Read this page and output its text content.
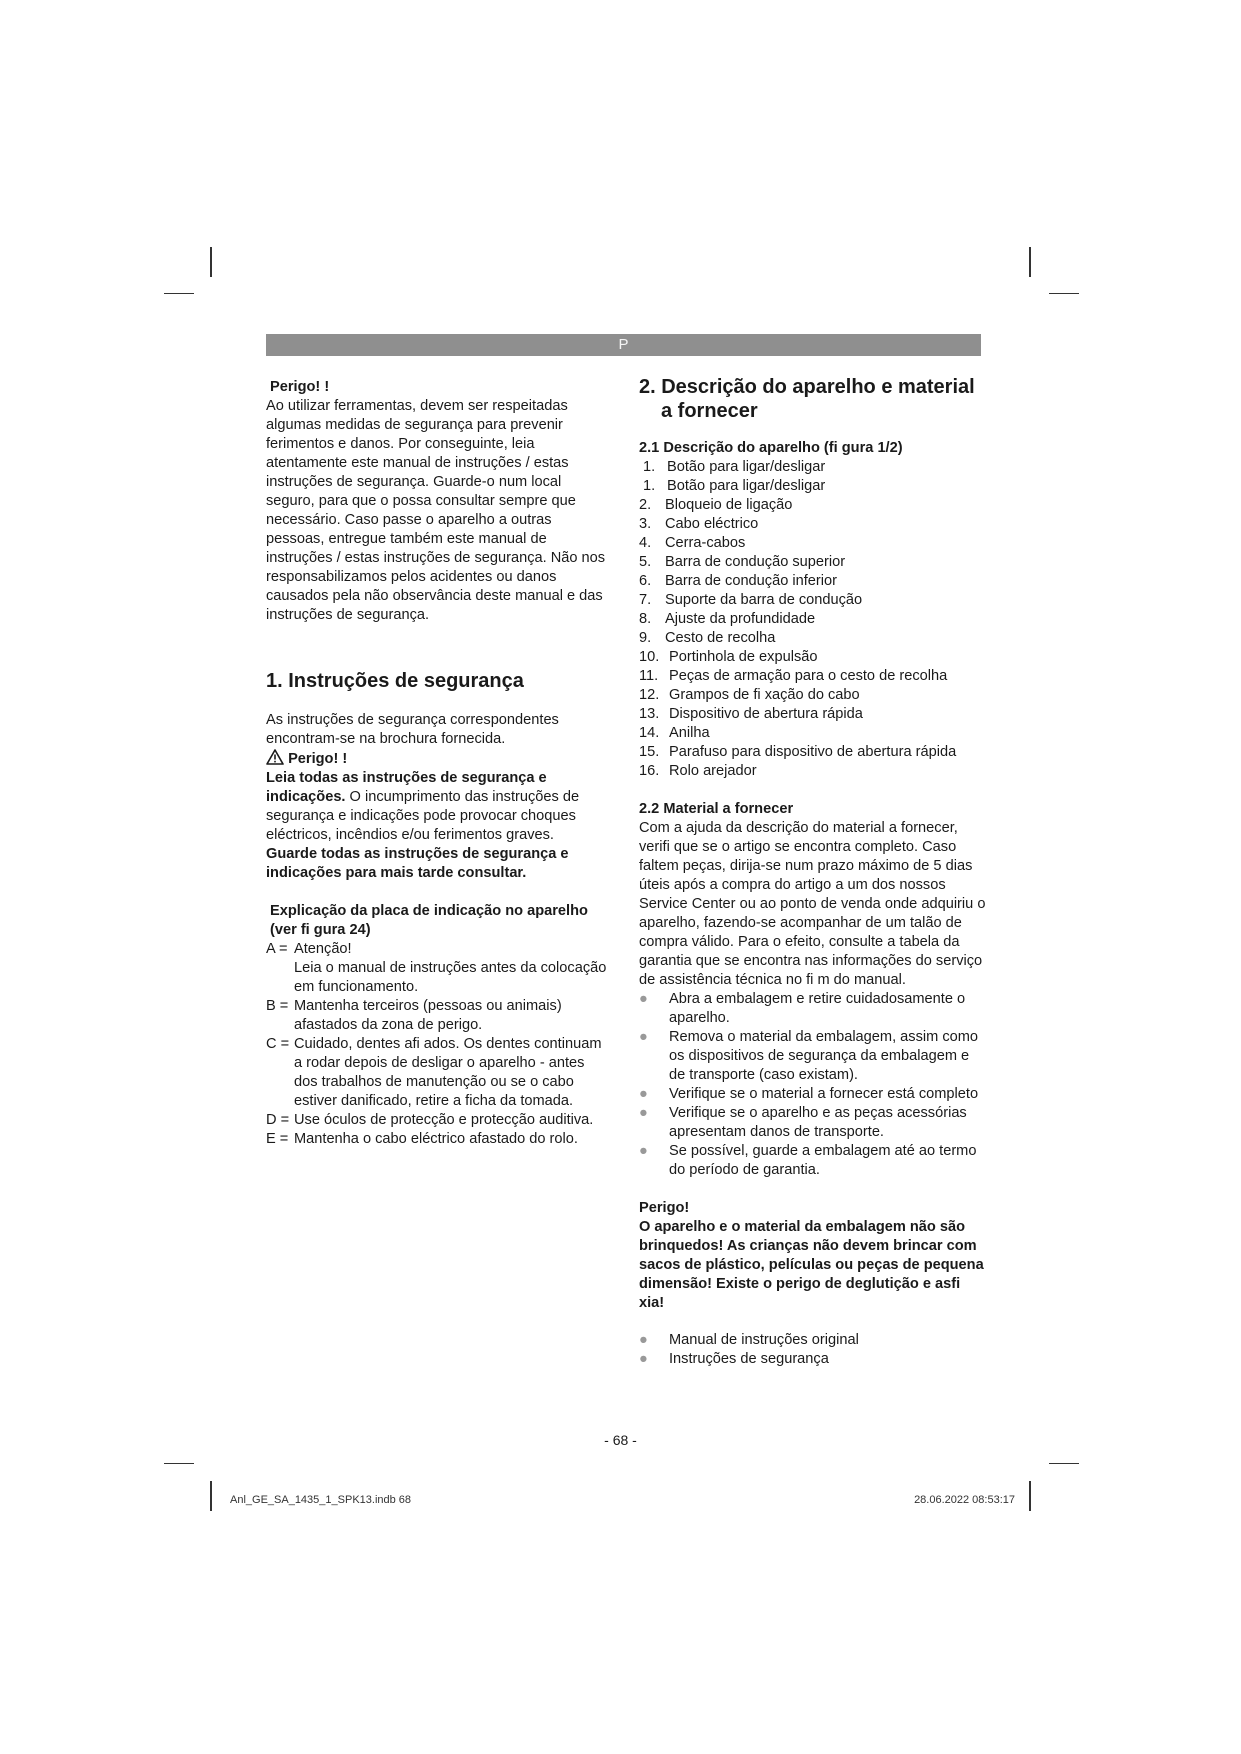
P

Perigo! !

Ao utilizar ferramentas, devem ser respeitadas algumas medidas de segurança para prevenir ferimentos e danos. Por conseguinte, leia atentamente este manual de instruções / estas instruções de segurança. Guarde-o num local seguro, para que o possa consultar sempre que necessário. Caso passe o aparelho a outras pessoas, entregue também este manual de instruções / estas instruções de segurança. Não nos responsabilizamos pelos acidentes ou danos causados pela não observância deste manual e das instruções de segurança.

1. Instruções de segurança

As instruções de segurança correspondentes encontram-se na brochura fornecida.

Perigo! !

Leia todas as instruções de segurança e indicações. O incumprimento das instruções de segurança e indicações pode provocar choques eléctricos, incêndios e/ou ferimentos graves.

Guarde todas as instruções de segurança e indicações para mais tarde consultar.

Explicação da placa de indicação no aparelho (ver fi gura 24)

A = Atenção!
Leia o manual de instruções antes da colocação em funcionamento.
B = Mantenha terceiros (pessoas ou animais) afastados da zona de perigo.
C = Cuidado, dentes afi ados. Os dentes continuam a rodar depois de desligar o aparelho - antes dos trabalhos de manutenção ou se o cabo estiver danificado, retire a ficha da tomada.
D = Use óculos de protecção e protecção auditiva.
E = Mantenha o cabo eléctrico afastado do rolo.

2. Descrição do aparelho e material
a fornecer

2.1 Descrição do aparelho (fi gura 1/2)

1. Botão para ligar/desligar
1. Botão para ligar/desligar
2. Bloqueio de ligação
3. Cabo eléctrico
4. Cerra-cabos
5. Barra de condução superior
6. Barra de condução inferior
7. Suporte da barra de condução
8. Ajuste da profundidade
9. Cesto de recolha
10. Portinhola de expulsão
11. Peças de armação para o cesto de recolha
12. Grampos de fi xação do cabo
13. Dispositivo de abertura rápida
14. Anilha
15. Parafuso para dispositivo de abertura rápida
16. Rolo arejador

2.2 Material a fornecer

Com a ajuda da descrição do material a fornecer, verifi que se o artigo se encontra completo. Caso faltem peças, dirija-se num prazo máximo de 5 dias úteis após a compra do artigo a um dos nossos Service Center ou ao ponto de venda onde adquiriu o aparelho, fazendo-se acompanhar de um talão de compra válido. Para o efeito, consulte a tabela da garantia que se encontra nas informações do serviço de assistência técnica no fi m do manual.

●	Abra a embalagem e retire cuidadosamente o aparelho.
●	Remova o material da embalagem, assim como os dispositivos de segurança da embalagem e de transporte (caso existam).
●	Verifique se o material a fornecer está completo
●	Verifique se o aparelho e as peças acessórias apresentam danos de transporte.
●	Se possível, guarde a embalagem até ao termo do período de garantia.

Perigo!

O aparelho e o material da embalagem não são brinquedos! As crianças não devem brincar com sacos de plástico, películas ou peças de pequena dimensão! Existe o perigo de deglutição e asfi xia!

●	Manual de instruções original
●	Instruções de segurança
- 68 -
Anl_GE_SA_1435_1_SPK13.indb 68	28.06.2022 08:53:17
